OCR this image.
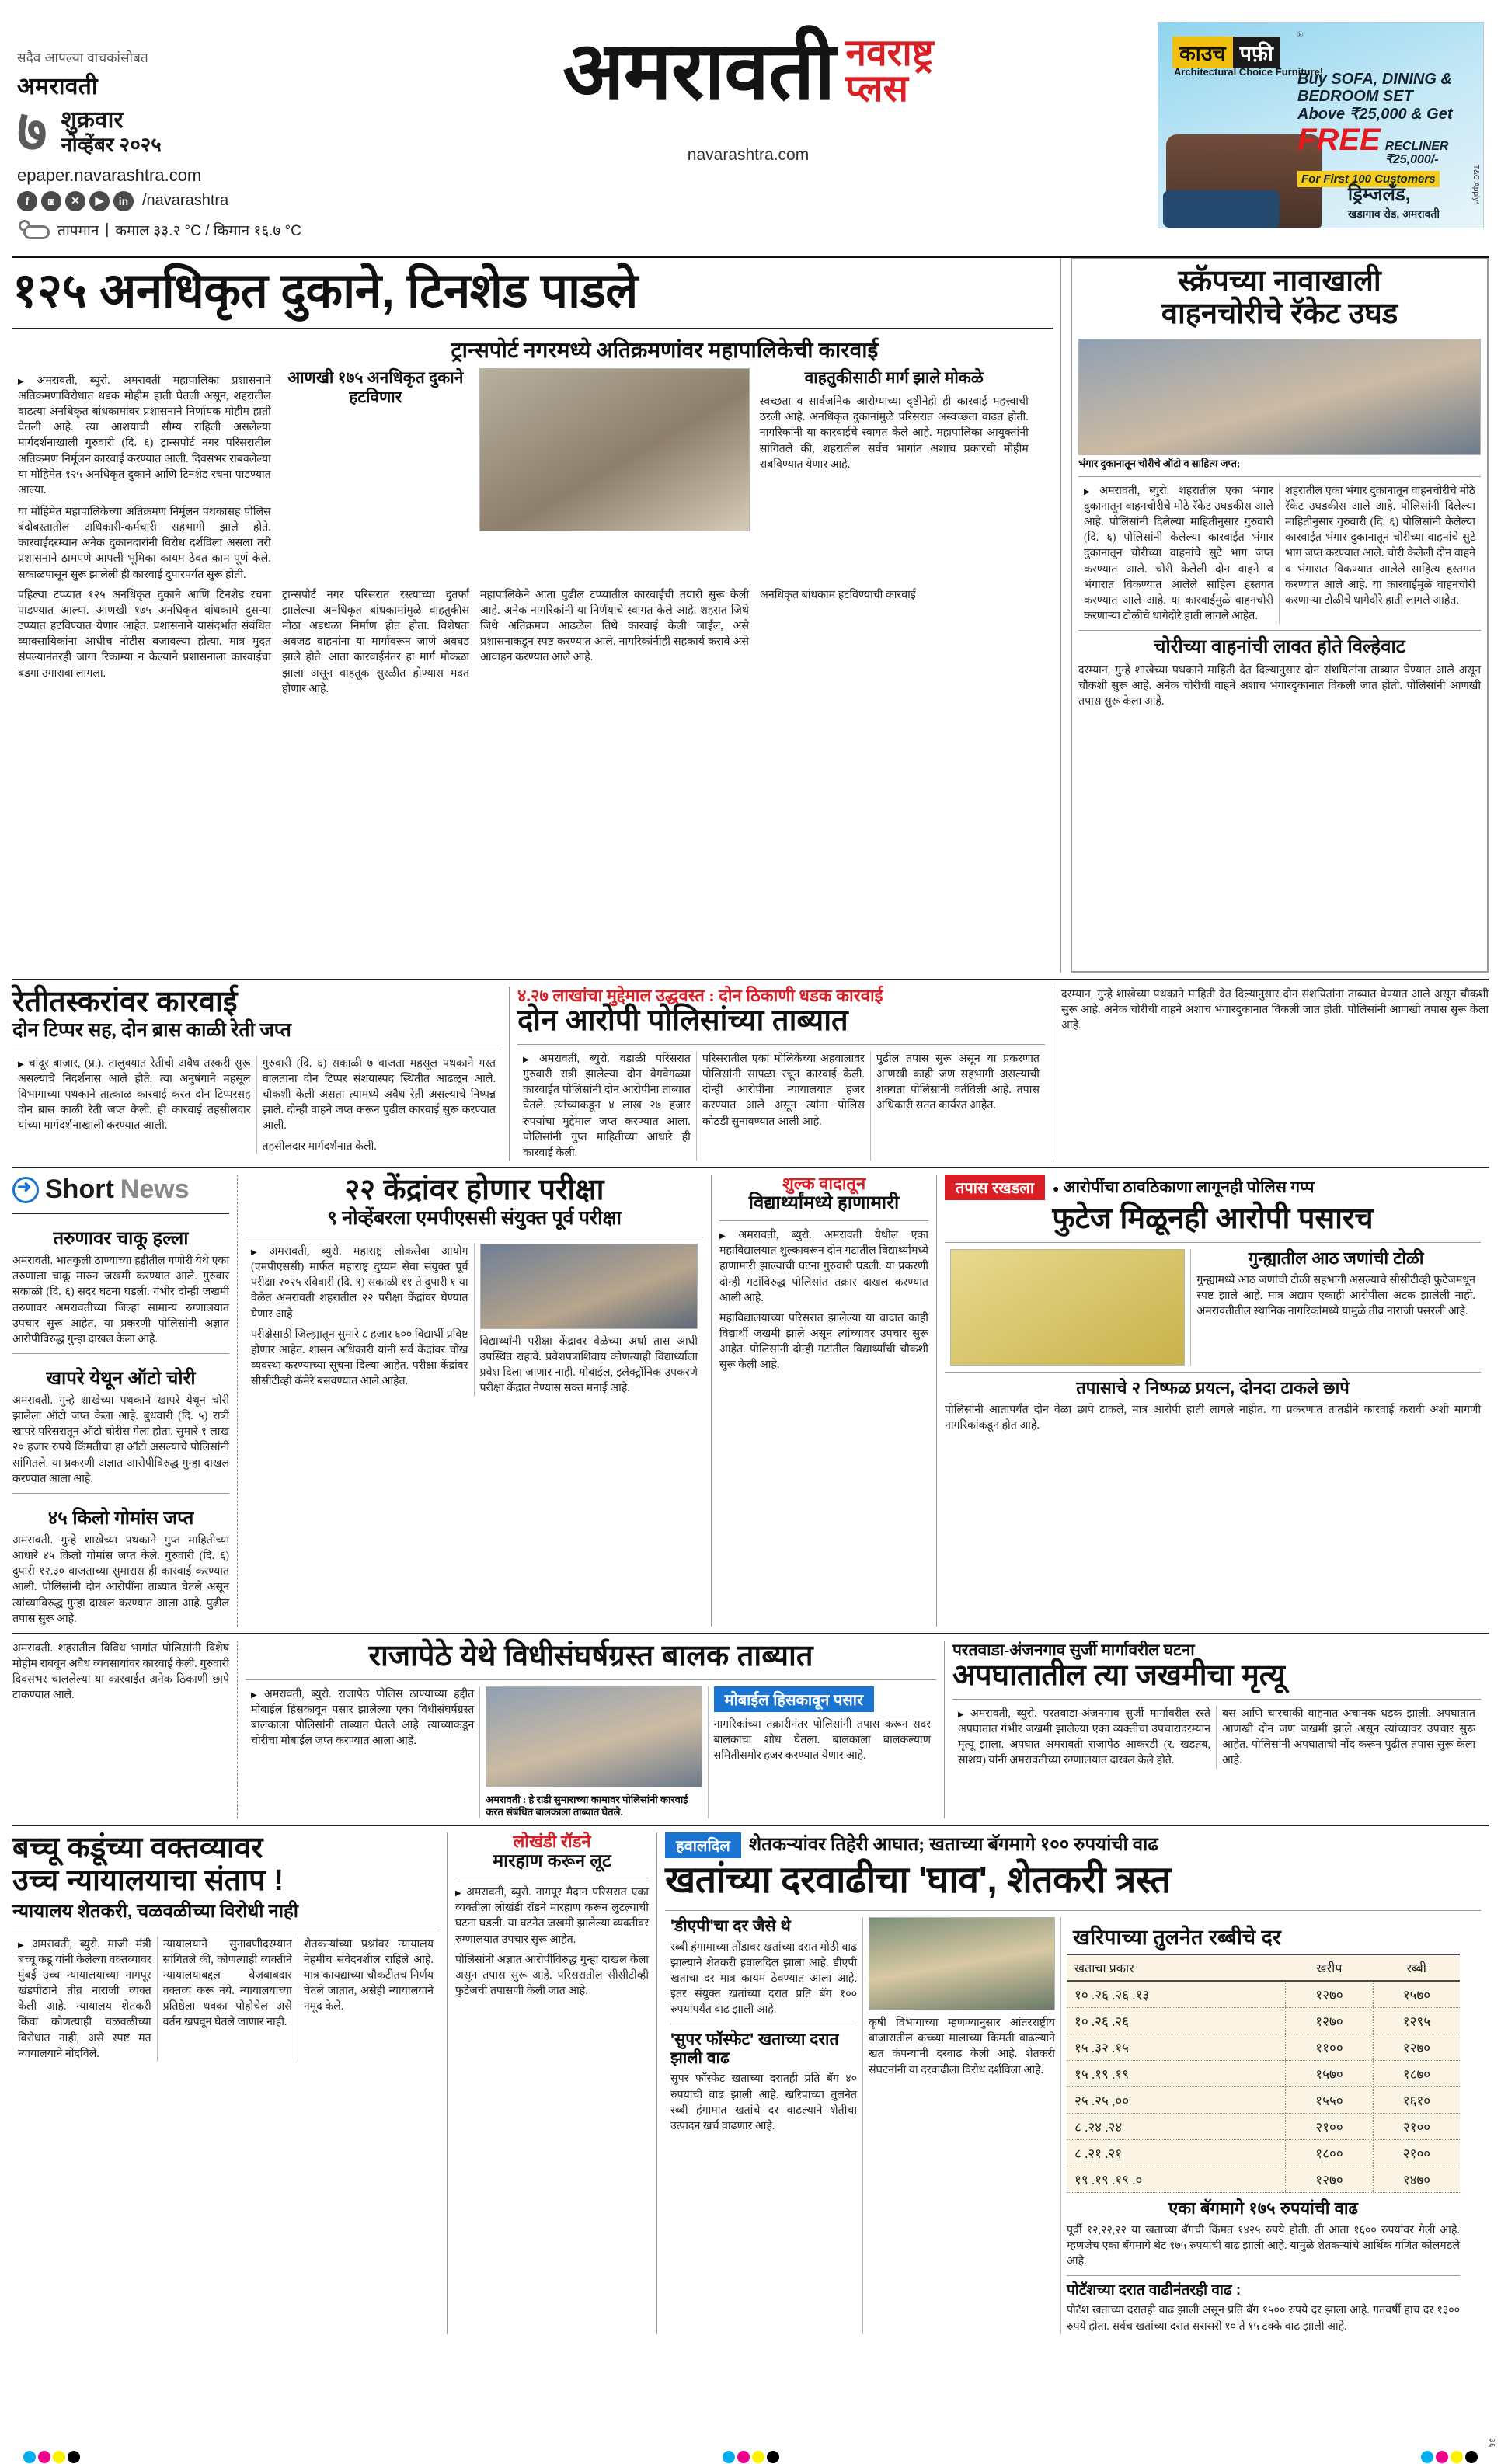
सदैव आपल्या वाचकांसोबत
अमरावती
७ शुक्रवार
नोव्हेंबर २०२५
epaper.navarashtra.com
f	◙	✕	▶	in /navarashtra
तापमान | कमाल ३३.२ °C / किमान १६.७ °C
अमरावती नवराष्ट्र
प्लस
navarashtra.com
काउच पफ़ी
®
Architectural Choice Furniture!
Buy SOFA, DINING &
BEDROOM SET
Above ₹25,000 & Get
FREE RECLINER
₹25,000/-
For First 100 Customers
ड्रिम्जलँड,
खडागाव रोड, अमरावती
T&C Apply*
१२५ अनधिकृत दुकाने, टिनशेड पाडले
▶ अमरावती, ब्युरो. अमरावती महापालिका प्रशासनाने अतिक्रमणाविरोधात धडक मोहीम हाती घेतली असून, शहरातील वाढत्या अनधिकृत बांधकामांवर प्रशासनाने निर्णायक मोहीम हाती घेतली आहे. त्या आशयाची सौम्य राहिली असलेल्या मार्गदर्शनाखाली गुरुवारी (दि. ६) ट्रान्सपोर्ट नगर परिसरातील अतिक्रमण निर्मूलन कारवाई करण्यात आली. दिवसभर राबवलेल्या या मोहिमेत १२५ अनधिकृत दुकाने आणि टिनशेड रचना पाडण्यात आल्या.
या मोहिमेत महापालिकेच्या अतिक्रमण निर्मूलन पथकासह पोलिस बंदोबस्तातील अधिकारी-कर्मचारी सहभागी झाले होते. कारवाईदरम्यान अनेक दुकानदारांनी विरोध दर्शविला असला तरी प्रशासनाने ठामपणे आपली भूमिका कायम ठेवत काम पूर्ण केले. सकाळपासून सुरू झालेली ही कारवाई दुपारपर्यंत सुरू होती.
ट्रान्सपोर्ट नगरमध्ये अतिक्रमणांवर महापालिकेची कारवाई
आणखी १७५ अनधिकृत दुकाने हटविणार
वाहतुकीसाठी मार्ग झाले मोकळे
स्वच्छता व सार्वजनिक आरोग्याच्या दृष्टीनेही ही कारवाई महत्त्वाची ठरली आहे. अनधिकृत दुकानांमुळे परिसरात अस्वच्छता वाढत होती. नागरिकांनी या कारवाईचे स्वागत केले आहे. महापालिका आयुक्तांनी सांगितले की, शहरातील सर्वच भागांत अशाच प्रकारची मोहीम राबविण्यात येणार आहे.
पहिल्या टप्प्यात १२५ अनधिकृत दुकाने आणि टिनशेड रचना पाडण्यात आल्या. आणखी १७५ अनधिकृत बांधकामे दुसऱ्या टप्प्यात हटविण्यात येणार आहेत. प्रशासनाने यासंदर्भात संबंधित व्यावसायिकांना आधीच नोटीस बजावल्या होत्या. मात्र मुदत संपल्यानंतरही जागा रिकाम्या न केल्याने प्रशासनाला कारवाईचा बडगा उगारावा लागला.
ट्रान्सपोर्ट नगर परिसरात रस्त्याच्या दुतर्फा झालेल्या अनधिकृत बांधकामांमुळे वाहतुकीस मोठा अडथळा निर्माण होत होता. विशेषतः अवजड वाहनांना या मार्गावरून जाणे अवघड झाले होते. आता कारवाईनंतर हा मार्ग मोकळा झाला असून वाहतूक सुरळीत होण्यास मदत होणार आहे.
महापालिकेने आता पुढील टप्प्यातील कारवाईची तयारी सुरू केली आहे. अनेक नागरिकांनी या निर्णयाचे स्वागत केले आहे. शहरात जिथे जिथे अतिक्रमण आढळेल तिथे कारवाई केली जाईल, असे प्रशासनाकडून स्पष्ट करण्यात आले. नागरिकांनीही सहकार्य करावे असे आवाहन करण्यात आले आहे.
अनधिकृत बांधकाम हटविण्याची कारवाई
स्क्रॅपच्या नावाखाली
वाहनचोरीचे रॅकेट उघड
भंगार दुकानातून चोरीचे ऑटो व साहित्य जप्त;
▶ अमरावती, ब्युरो. शहरातील एका भंगार दुकानातून वाहनचोरीचे मोठे रॅकेट उघडकीस आले आहे. पोलिसांनी दिलेल्या माहितीनुसार गुरुवारी (दि. ६) पोलिसांनी केलेल्या कारवाईत भंगार दुकानातून चोरीच्या वाहनांचे सुटे भाग जप्त करण्यात आले. चोरी केलेली दोन वाहने व भंगारात विकण्यात आलेले साहित्य हस्तगत करण्यात आले आहे. या कारवाईमुळे वाहनचोरी करणाऱ्या टोळीचे धागेदोरे हाती लागले आहेत.
शहरातील एका भंगार दुकानातून वाहनचोरीचे मोठे रॅकेट उघडकीस आले आहे. पोलिसांनी दिलेल्या माहितीनुसार गुरुवारी (दि. ६) पोलिसांनी केलेल्या कारवाईत भंगार दुकानातून चोरीच्या वाहनांचे सुटे भाग जप्त करण्यात आले. चोरी केलेली दोन वाहने व भंगारात विकण्यात आलेले साहित्य हस्तगत करण्यात आले आहे. या कारवाईमुळे वाहनचोरी करणाऱ्या टोळीचे धागेदोरे हाती लागले आहेत.
चोरीच्या वाहनांची लावत होते विल्हेवाट
दरम्यान, गुन्हे शाखेच्या पथकाने माहिती देत दिल्यानुसार दोन संशयितांना ताब्यात घेण्यात आले असून चौकशी सुरू आहे. अनेक चोरीची वाहने अशाच भंगारदुकानात विकली जात होती. पोलिसांनी आणखी तपास सुरू केला आहे.
रेतीतस्करांवर कारवाई
दोन टिप्पर सह, दोन ब्रास काळी रेती जप्त
▶ चांदूर बाजार, (प्र.). तालुक्यात रेतीची अवैध तस्करी सुरू असल्याचे निदर्शनास आले होते. त्या अनुषंगाने महसूल विभागाच्या पथकाने तात्काळ कारवाई करत दोन टिप्परसह दोन ब्रास काळी रेती जप्त केली. ही कारवाई तहसीलदार यांच्या मार्गदर्शनाखाली करण्यात आली.
गुरुवारी (दि. ६) सकाळी ७ वाजता महसूल पथकाने गस्त घालताना दोन टिप्पर संशयास्पद स्थितीत आढळून आले. चौकशी केली असता त्यामध्ये अवैध रेती असल्याचे निष्पन्न झाले. दोन्ही वाहने जप्त करून पुढील कारवाई सुरू करण्यात आली.
तहसीलदार मार्गदर्शनात केली.
४.२७ लाखांचा मुद्देमाल उद्धवस्त : दोन ठिकाणी धडक कारवाई
दोन आरोपी पोलिसांच्या ताब्यात
▶ अमरावती, ब्युरो. वडाळी परिसरात गुरुवारी रात्री झालेल्या दोन वेगवेगळ्या कारवाईत पोलिसांनी दोन आरोपींना ताब्यात घेतले. त्यांच्याकडून ४ लाख २७ हजार रुपयांचा मुद्देमाल जप्त करण्यात आला. पोलिसांनी गुप्त माहितीच्या आधारे ही कारवाई केली.
परिसरातील एका मोलिकेच्या अहवालावर पोलिसांनी सापळा रचून कारवाई केली. दोन्ही आरोपींना न्यायालयात हजर करण्यात आले असून त्यांना पोलिस कोठडी सुनावण्यात आली आहे.
पुढील तपास सुरू असून या प्रकरणात आणखी काही जण सहभागी असल्याची शक्यता पोलिसांनी वर्तविली आहे. तपास अधिकारी सतत कार्यरत आहेत.
दरम्यान, गुन्हे शाखेच्या पथकाने माहिती देत दिल्यानुसार दोन संशयितांना ताब्यात घेण्यात आले असून चौकशी सुरू आहे. अनेक चोरीची वाहने अशाच भंगारदुकानात विकली जात होती. पोलिसांनी आणखी तपास सुरू केला आहे.
➜
Short News
तरुणावर चाकू हल्ला
अमरावती. भातकुली ठाण्याच्या हद्दीतील गणोरी येथे एका तरुणाला चाकू मारुन जखमी करण्यात आले. गुरुवार सकाळी (दि. ६) सदर घटना घडली. गंभीर दोन्ही जखमी तरुणावर अमरावतीच्या जिल्हा सामान्य रुग्णालयात उपचार सुरू आहेत. या प्रकरणी पोलिसांनी अज्ञात आरोपीविरुद्ध गुन्हा दाखल केला आहे.
खापरे येथून ऑटो चोरी
अमरावती. गुन्हे शाखेच्या पथकाने खापरे येथून चोरी झालेला ऑटो जप्त केला आहे. बुधवारी (दि. ५) रात्री खापरे परिसरातून ऑटो चोरीस गेला होता. सुमारे १ लाख २० हजार रुपये किंमतीचा हा ऑटो असल्याचे पोलिसांनी सांगितले. या प्रकरणी अज्ञात आरोपीविरुद्ध गुन्हा दाखल करण्यात आला आहे.
४५ किलो गोमांस जप्त
अमरावती. गुन्हे शाखेच्या पथकाने गुप्त माहितीच्या आधारे ४५ किलो गोमांस जप्त केले. गुरुवारी (दि. ६) दुपारी १२.३० वाजताच्या सुमारास ही कारवाई करण्यात आली. पोलिसांनी दोन आरोपींना ताब्यात घेतले असून त्यांच्याविरुद्ध गुन्हा दाखल करण्यात आला आहे. पुढील तपास सुरू आहे.
२२ केंद्रांवर होणार परीक्षा
९ नोव्हेंबरला एमपीएससी संयुक्त पूर्व परीक्षा
▶ अमरावती, ब्युरो. महाराष्ट्र लोकसेवा आयोग (एमपीएससी) मार्फत महाराष्ट्र दुय्यम सेवा संयुक्त पूर्व परीक्षा २०२५ रविवारी (दि. ९) सकाळी ११ ते दुपारी १ या वेळेत अमरावती शहरातील २२ परीक्षा केंद्रांवर घेण्यात येणार आहे.
परीक्षेसाठी जिल्ह्यातून सुमारे ८ हजार ६०० विद्यार्थी प्रविष्ट होणार आहेत. शासन अधिकारी यांनी सर्व केंद्रांवर चोख व्यवस्था करण्याच्या सूचना दिल्या आहेत. परीक्षा केंद्रांवर सीसीटीव्ही कॅमेरे बसवण्यात आले आहेत.
विद्यार्थ्यांनी परीक्षा केंद्रावर वेळेच्या अर्धा तास आधी उपस्थित राहावे. प्रवेशपत्राशिवाय कोणत्याही विद्यार्थ्याला प्रवेश दिला जाणार नाही. मोबाईल, इलेक्ट्रॉनिक उपकरणे परीक्षा केंद्रात नेण्यास सक्त मनाई आहे.
शुल्क वादातून
विद्यार्थ्यांमध्ये हाणामारी
▶ अमरावती, ब्युरो. अमरावती येथील एका महाविद्यालयात शुल्कावरून दोन गटातील विद्यार्थ्यांमध्ये हाणामारी झाल्याची घटना गुरुवारी घडली. या प्रकरणी दोन्ही गटांविरुद्ध पोलिसांत तक्रार दाखल करण्यात आली आहे.
महाविद्यालयाच्या परिसरात झालेल्या या वादात काही विद्यार्थी जखमी झाले असून त्यांच्यावर उपचार सुरू आहेत. पोलिसांनी दोन्ही गटांतील विद्यार्थ्यांची चौकशी सुरू केली आहे.
तपास रखडला	● आरोपींचा ठावठिकाणा लागूनही पोलिस गप्प
फुटेज मिळूनही आरोपी पसारच
गुन्ह्यातील आठ जणांची टोळी
गुन्ह्यामध्ये आठ जणांची टोळी सहभागी असल्याचे सीसीटीव्ही फुटेजमधून स्पष्ट झाले आहे. मात्र अद्याप एकाही आरोपीला अटक झालेली नाही. अमरावतीतील स्थानिक नागरिकांमध्ये यामुळे तीव्र नाराजी पसरली आहे.
तपासाचे २ निष्फळ प्रयत्न, दोनदा टाकले छापे
पोलिसांनी आतापर्यंत दोन वेळा छापे टाकले, मात्र आरोपी हाती लागले नाहीत. या प्रकरणात तातडीने कारवाई करावी अशी मागणी नागरिकांकडून होत आहे.
अमरावती. शहरातील विविध भागांत पोलिसांनी विशेष मोहीम राबवून अवैध व्यवसायांवर कारवाई केली. गुरुवारी दिवसभर चाललेल्या या कारवाईत अनेक ठिकाणी छापे टाकण्यात आले.
राजापेठे येथे विधीसंघर्षग्रस्त बालक ताब्यात
▶ अमरावती, ब्युरो. राजापेठ पोलिस ठाण्याच्या हद्दीत मोबाईल हिसकावून पसार झालेल्या एका विधीसंघर्षग्रस्त बालकाला पोलिसांनी ताब्यात घेतले आहे. त्याच्याकडून चोरीचा मोबाईल जप्त करण्यात आला आहे.
अमरावती : हे राडी सुमाराच्या कामावर पोलिसांनी कारवाई करत संबंधित बालकाला ताब्यात घेतले.
मोबाईल हिसकावून पसार
नागरिकांच्या तक्रारीनंतर पोलिसांनी तपास करून सदर बालकाचा शोध घेतला. बालकाला बालकल्याण समितीसमोर हजर करण्यात येणार आहे.
परतवाडा-अंजनगाव सुर्जी मार्गावरील घटना
अपघातातील त्या जखमीचा मृत्यू
▶ अमरावती, ब्युरो. परतवाडा-अंजनगाव सुर्जी मार्गावरील रस्ते अपघातात गंभीर जखमी झालेल्या एका व्यक्तीचा उपचारादरम्यान मृत्यू झाला. अपघात अमरावती राजापेठ आकरडी (र. खडतब, साशय) यांनी अमरावतीच्या रुग्णालयात दाखल केले होते.
बस आणि चारचाकी वाहनात अचानक धडक झाली. अपघातात आणखी दोन जण जखमी झाले असून त्यांच्यावर उपचार सुरू आहेत. पोलिसांनी अपघाताची नोंद करून पुढील तपास सुरू केला आहे.
बच्चू कडूंच्या वक्तव्यावर
उच्च न्यायालयाचा संताप !
न्यायालय शेतकरी, चळवळीच्या विरोधी नाही
▶ अमरावती, ब्युरो. माजी मंत्री बच्चू कडू यांनी केलेल्या वक्तव्यावर मुंबई उच्च न्यायालयाच्या नागपूर खंडपीठाने तीव्र नाराजी व्यक्त केली आहे. न्यायालय शेतकरी किंवा कोणत्याही चळवळीच्या विरोधात नाही, असे स्पष्ट मत न्यायालयाने नोंदविले.
न्यायालयाने सुनावणीदरम्यान सांगितले की, कोणत्याही व्यक्तीने न्यायालयाबद्दल बेजबाबदार वक्तव्य करू नये. न्यायालयाच्या प्रतिष्ठेला धक्का पोहोचेल असे वर्तन खपवून घेतले जाणार नाही.
शेतकऱ्यांच्या प्रश्नांवर न्यायालय नेहमीच संवेदनशील राहिले आहे. मात्र कायद्याच्या चौकटीतच निर्णय घेतले जातात, असेही न्यायालयाने नमूद केले.
लोखंडी रॉडने
मारहाण करून लूट
▶ अमरावती, ब्युरो. नागपूर मैदान परिसरात एका व्यक्तीला लोखंडी रॉडने मारहाण करून लुटल्याची घटना घडली. या घटनेत जखमी झालेल्या व्यक्तीवर रुग्णालयात उपचार सुरू आहेत.
पोलिसांनी अज्ञात आरोपींविरुद्ध गुन्हा दाखल केला असून तपास सुरू आहे. परिसरातील सीसीटीव्ही फुटेजची तपासणी केली जात आहे.
हवालदिल	शेतकऱ्यांवर तिहेरी आघात; खताच्या बॅगमागे १०० रुपयांची वाढ
खतांच्या दरवाढीचा 'घाव', शेतकरी त्रस्त
'डीएपी'चा दर जैसे थे
रब्बी हंगामाच्या तोंडावर खतांच्या दरात मोठी वाढ झाल्याने शेतकरी हवालदिल झाला आहे. डीएपी खताचा दर मात्र कायम ठेवण्यात आला आहे. इतर संयुक्त खतांच्या दरात प्रति बॅग १०० रुपयांपर्यंत वाढ झाली आहे.
'सुपर फॉस्फेट' खताच्या दरात झाली वाढ
सुपर फॉस्फेट खताच्या दरातही प्रति बॅग ४० रुपयांची वाढ झाली आहे. खरिपाच्या तुलनेत रब्बी हंगामात खतांचे दर वाढल्याने शेतीचा उत्पादन खर्च वाढणार आहे.
कृषी विभागाच्या म्हणण्यानुसार आंतरराष्ट्रीय बाजारातील कच्च्या मालाच्या किमती वाढल्याने खत कंपन्यांनी दरवाढ केली आहे. शेतकरी संघटनांनी या दरवाढीला विरोध दर्शविला आहे.
खरिपाच्या तुलनेत रब्बीचे दर
खताचा प्रकार	खरीप	रब्बी
१० .२६ .२६ .१३	१२७०	१५७०
१० .२६ .२६	१२७०	१२९५
१५ .३२ .१५	११००	१२७०
१५ .१९ .१९	१५७०	१८७०
२५ .२५ ,००	१५५०	१६१०
८ .२४ .२४	२१००	२१००
८ .२१ .२१	१८००	२१००
१९ .१९ .१९ .०	१२७०	१४७०
एका बॅगमागे १७५ रुपयांची वाढ
पूर्वी १२,२२,२२ या खताच्या बॅगची किंमत १४२५ रुपये होती. ती आता १६०० रुपयांवर गेली आहे. म्हणजेच एका बॅगमागे थेट १७५ रुपयांची वाढ झाली आहे. यामुळे शेतकऱ्यांचे आर्थिक गणित कोलमडले आहे.
पोटॅशच्या दरात वाढीनंतरही वाढ :
पोटॅश खताच्या दरातही वाढ झाली असून प्रति बॅग १५०० रुपये दर झाला आहे. गतवर्षी हाच दर १३०० रुपये होता. सर्वच खतांच्या दरात सरासरी १० ते १५ टक्के वाढ झाली आहे.
३६
